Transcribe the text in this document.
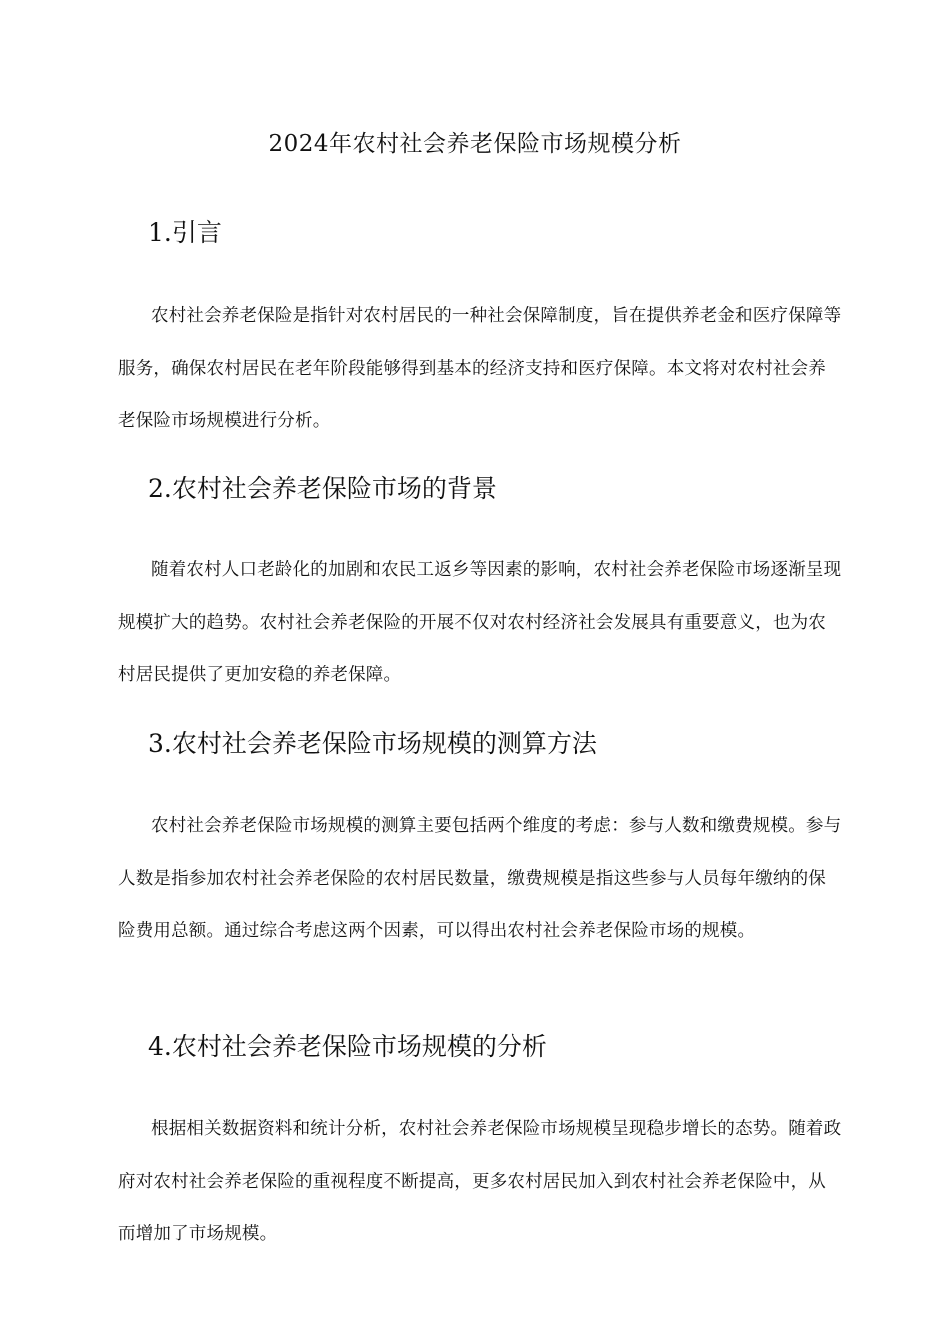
2024年农村社会养老保险市场规模分析
1.引言

农村社会养老保险是指针对农村居民的一种社会保障制度，旨在提供养老金和医疗保障等服务，确保农村居民在老年阶段能够得到基本的经济支持和医疗保障。本文将对农村社会养老保险市场规模进行分析。

2.农村社会养老保险市场的背景

随着农村人口老龄化的加剧和农民工返乡等因素的影响，农村社会养老保险市场逐渐呈现规模扩大的趋势。农村社会养老保险的开展不仅对农村经济社会发展具有重要意义，也为农村居民提供了更加安稳的养老保障。

3.农村社会养老保险市场规模的测算方法

农村社会养老保险市场规模的测算主要包括两个维度的考虑：参与人数和缴费规模。参与人数是指参加农村社会养老保险的农村居民数量，缴费规模是指这些参与人员每年缴纳的保险费用总额。通过综合考虑这两个因素，可以得出农村社会养老保险市场的规模。

4.农村社会养老保险市场规模的分析

根据相关数据资料和统计分析，农村社会养老保险市场规模呈现稳步增长的态势。随着政府对农村社会养老保险的重视程度不断提高，更多农村居民加入到农村社会养老保险中，从而增加了市场规模。
